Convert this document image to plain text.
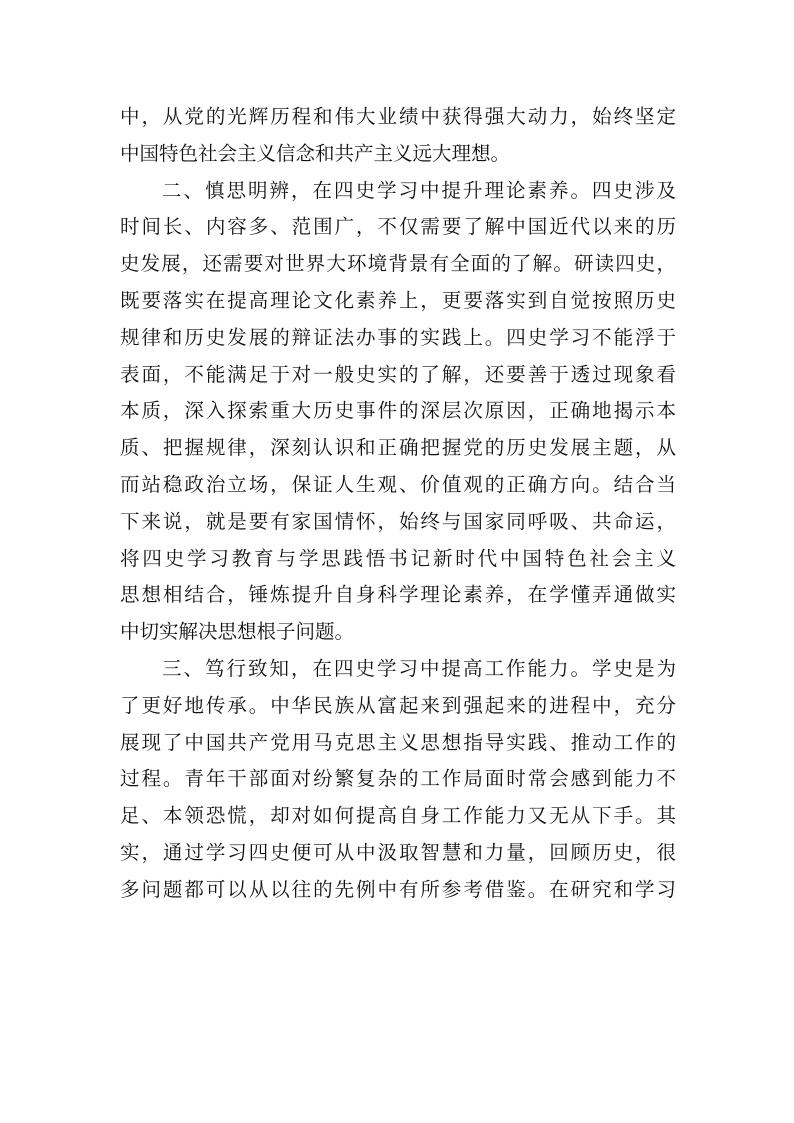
中，从党的光辉历程和伟大业绩中获得强大动力，始终坚定
中国特色社会主义信念和共产主义远大理想。
二、慎思明辨，在四史学习中提升理论素养。四史涉及
时间长、内容多、范围广，不仅需要了解中国近代以来的历
史发展，还需要对世界大环境背景有全面的了解。研读四史，
既要落实在提高理论文化素养上，更要落实到自觉按照历史
规律和历史发展的辩证法办事的实践上。四史学习不能浮于
表面，不能满足于对一般史实的了解，还要善于透过现象看
本质，深入探索重大历史事件的深层次原因，正确地揭示本
质、把握规律，深刻认识和正确把握党的历史发展主题，从
而站稳政治立场，保证人生观、价值观的正确方向。结合当
下来说，就是要有家国情怀，始终与国家同呼吸、共命运，
将四史学习教育与学思践悟书记新时代中国特色社会主义
思想相结合，锤炼提升自身科学理论素养，在学懂弄通做实
中切实解决思想根子问题。
三、笃行致知，在四史学习中提高工作能力。学史是为
了更好地传承。中华民族从富起来到强起来的进程中，充分
展现了中国共产党用马克思主义思想指导实践、推动工作的
过程。青年干部面对纷繁复杂的工作局面时常会感到能力不
足、本领恐慌，却对如何提高自身工作能力又无从下手。其
实，通过学习四史便可从中汲取智慧和力量，回顾历史，很
多问题都可以从以往的先例中有所参考借鉴。在研究和学习
